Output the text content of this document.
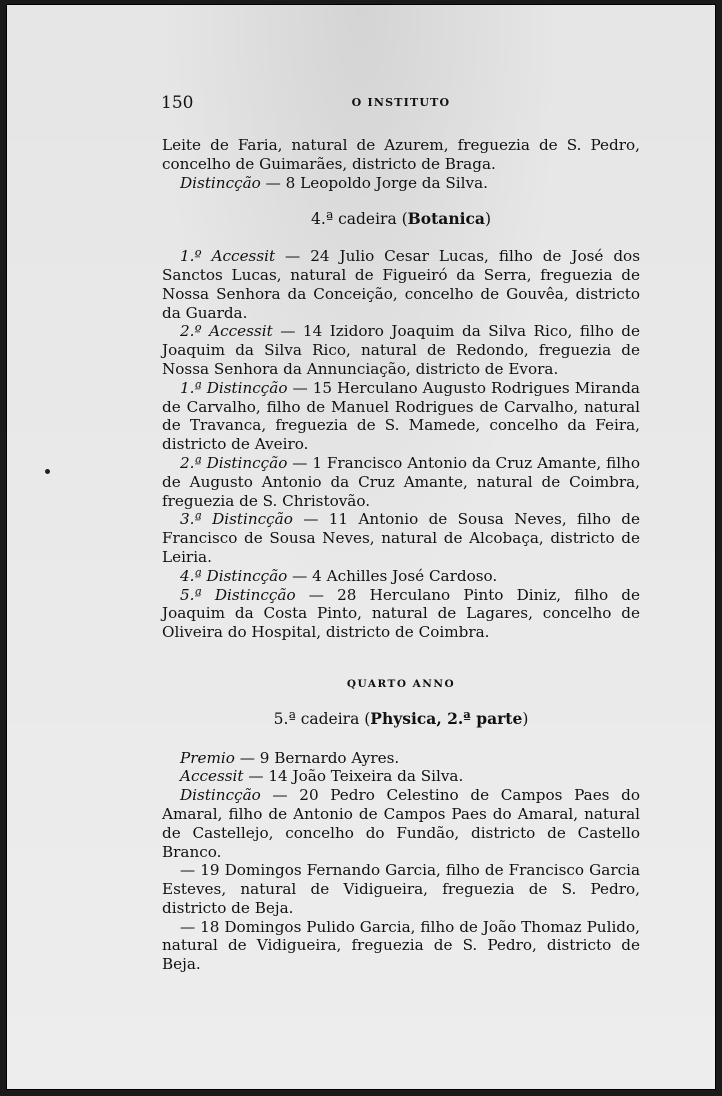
150	O INSTITUTO

Leite de Faria, natural de Azurem, freguezia de S. Pedro, concelho de Guimarães, districto de Braga.

Distincção — 8 Leopoldo Jorge da Silva.

4.ª cadeira (Botanica)

1.º Accessit — 24 Julio Cesar Lucas, filho de José dos Sanctos Lucas, natural de Figueiró da Serra, freguezia de Nossa Senhora da Conceição, concelho de Gouvêa, districto da Guarda.

2.º Accessit — 14 Izidoro Joaquim da Silva Rico, filho de Joaquim da Silva Rico, natural de Redondo, freguezia de Nossa Senhora da Annunciação, districto de Evora.

1.ª Distincção — 15 Herculano Augusto Rodrigues Miranda de Carvalho, filho de Manuel Rodrigues de Carvalho, natural de Travanca, freguezia de S. Mamede, concelho da Feira, districto de Aveiro.

2.ª Distincção — 1 Francisco Antonio da Cruz Amante, filho de Augusto Antonio da Cruz Amante, natural de Coimbra, freguezia de S. Christovão.

3.ª Distincção — 11 Antonio de Sousa Neves, filho de Francisco de Sousa Neves, natural de Alcobaça, districto de Leiria.

4.ª Distincção — 4 Achilles José Cardoso.

5.ª Distincção — 28 Herculano Pinto Diniz, filho de Joaquim da Costa Pinto, natural de Lagares, concelho de Oliveira do Hospital, districto de Coimbra.

QUARTO ANNO

5.ª cadeira (Physica, 2.ª parte)

Premio — 9 Bernardo Ayres.

Accessit — 14 João Teixeira da Silva.

Distincção — 20 Pedro Celestino de Campos Paes do Amaral, filho de Antonio de Campos Paes do Amaral, natural de Castellejo, concelho do Fundão, districto de Castello Branco.

— 19 Domingos Fernando Garcia, filho de Francisco Garcia Esteves, natural de Vidigueira, freguezia de S. Pedro, districto de Beja.

— 18 Domingos Pulido Garcia, filho de João Thomaz Pulido, natural de Vidigueira, freguezia de S. Pedro, districto de Beja.
